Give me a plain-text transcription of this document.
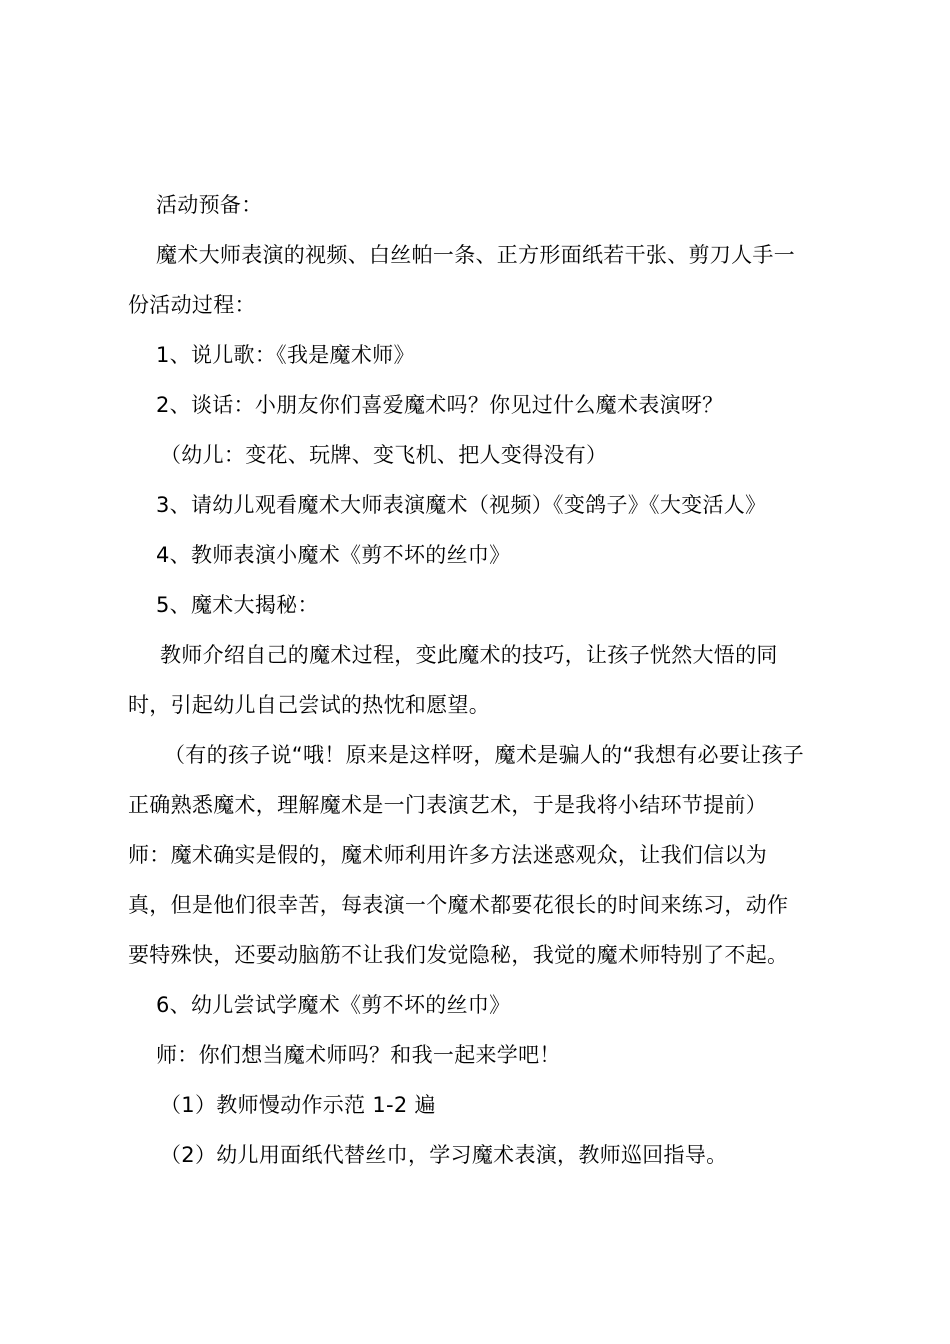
活动预备：

魔术大师表演的视频、白丝帕一条、正方形面纸若干张、剪刀人手一

份活动过程：

1、说儿歌：《我是魔术师》

2、谈话：小朋友你们喜爱魔术吗？你见过什么魔术表演呀？

（幼儿：变花、玩牌、变飞机、把人变得没有）

3、请幼儿观看魔术大师表演魔术（视频）《变鸽子》《大变活人》

4、教师表演小魔术《剪不坏的丝巾》

5、魔术大揭秘：

教师介绍自己的魔术过程，变此魔术的技巧，让孩子恍然大悟的同

时，引起幼儿自己尝试的热忱和愿望。

（有的孩子说“哦！原来是这样呀，魔术是骗人的“我想有必要让孩子

正确熟悉魔术，理解魔术是一门表演艺术，于是我将小结环节提前）

师：魔术确实是假的，魔术师利用许多方法迷惑观众，让我们信以为

真，但是他们很幸苦，每表演一个魔术都要花很长的时间来练习，动作

要特殊快，还要动脑筋不让我们发觉隐秘，我觉的魔术师特别了不起。

6、幼儿尝试学魔术《剪不坏的丝巾》

师：你们想当魔术师吗？和我一起来学吧！

（1）教师慢动作示范 1-2 遍

（2）幼儿用面纸代替丝巾，学习魔术表演，教师巡回指导。
